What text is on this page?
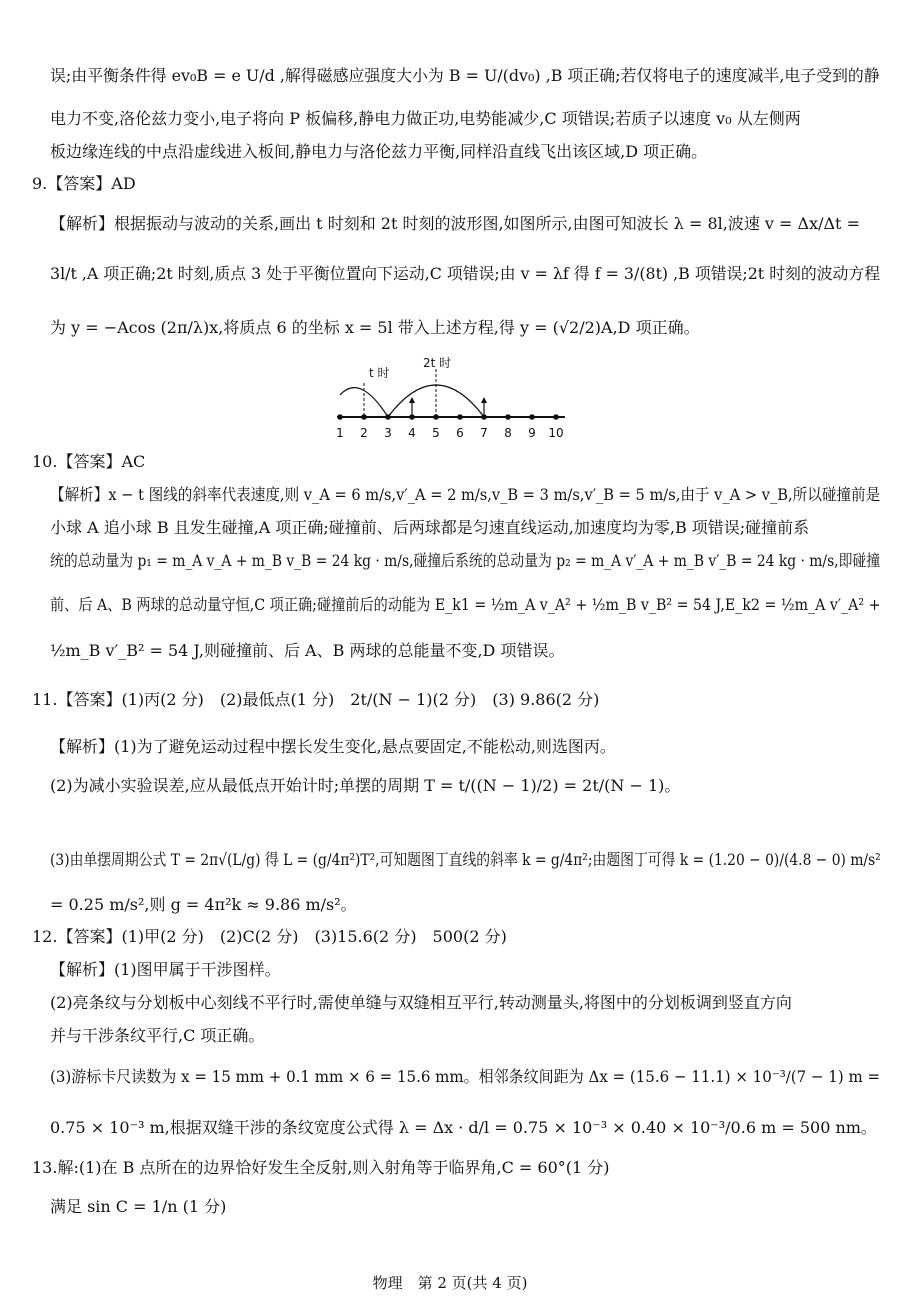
误;由平衡条件得 ev₀B = e U/d ,解得磁感应强度大小为 B = U/(dv₀) ,B 项正确;若仅将电子的速度减半,电子受到的静
电力不变,洛伦兹力变小,电子将向 P 板偏移,静电力做正功,电势能减少,C 项错误;若质子以速度 v₀ 从左侧两
板边缘连线的中点沿虚线进入板间,静电力与洛伦兹力平衡,同样沿直线飞出该区域,D 项正确。
9.【答案】AD
【解析】根据振动与波动的关系,画出 t 时刻和 2t 时刻的波形图,如图所示,由图可知波长 λ = 8l,波速 v = Δx/Δt =
3l/t ,A 项正确;2t 时刻,质点 3 处于平衡位置向下运动,C 项错误;由 v = λf 得 f = 3/(8t) ,B 项错误;2t 时刻的波动方程
为 y = −Acos (2π/λ)x,将质点 6 的坐标 x = 5l 带入上述方程,得 y = (√2/2)A,D 项正确。
t 时
2t 时
1 2 3 4 5 6 7 8 9 10
10.【答案】AC
【解析】x − t 图线的斜率代表速度,则 v_A = 6 m/s,v′_A = 2 m/s,v_B = 3 m/s,v′_B = 5 m/s,由于 v_A > v_B,所以碰撞前是
小球 A 追小球 B 且发生碰撞,A 项正确;碰撞前、后两球都是匀速直线运动,加速度均为零,B 项错误;碰撞前系
统的总动量为 p₁ = m_A v_A + m_B v_B = 24 kg · m/s,碰撞后系统的总动量为 p₂ = m_A v′_A + m_B v′_B = 24 kg · m/s,即碰撞
前、后 A、B 两球的总动量守恒,C 项正确;碰撞前后的动能为 E_k1 = ½m_A v_A² + ½m_B v_B² = 54 J,E_k2 = ½m_A v′_A² +
½m_B v′_B² = 54 J,则碰撞前、后 A、B 两球的总能量不变,D 项错误。
11.【答案】(1)丙(2 分)　(2)最低点(1 分)　2t/(N − 1)(2 分)　(3) 9.86(2 分)
【解析】(1)为了避免运动过程中摆长发生变化,悬点要固定,不能松动,则选图丙。
(2)为减小实验误差,应从最低点开始计时;单摆的周期 T = t/((N − 1)/2) = 2t/(N − 1)。
(3)由单摆周期公式 T = 2π√(L/g) 得 L = (g/4π²)T²,可知题图丁直线的斜率 k = g/4π²;由题图丁可得 k = (1.20 − 0)/(4.8 − 0) m/s²
= 0.25 m/s²,则 g = 4π²k ≈ 9.86 m/s²。
12.【答案】(1)甲(2 分)　(2)C(2 分)　(3)15.6(2 分)　500(2 分)
【解析】(1)图甲属于干涉图样。
(2)亮条纹与分划板中心刻线不平行时,需使单缝与双缝相互平行,转动测量头,将图中的分划板调到竖直方向
并与干涉条纹平行,C 项正确。
(3)游标卡尺读数为 x = 15 mm + 0.1 mm × 6 = 15.6 mm。相邻条纹间距为 Δx = (15.6 − 11.1) × 10⁻³/(7 − 1) m =
0.75 × 10⁻³ m,根据双缝干涉的条纹宽度公式得 λ = Δx · d/l = 0.75 × 10⁻³ × 0.40 × 10⁻³/0.6 m = 500 nm。
13.解:(1)在 B 点所在的边界恰好发生全反射,则入射角等于临界角,C = 60°(1 分)
满足 sin C = 1/n (1 分)
物理　第 2 页(共 4 页)
